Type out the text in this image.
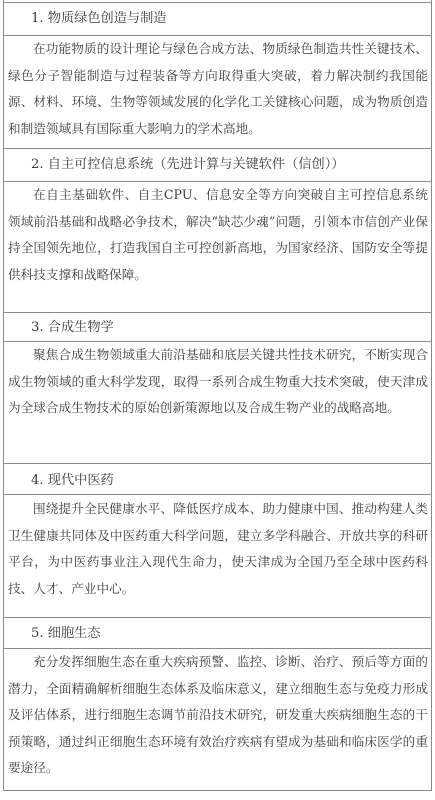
1. 物质绿色创造与制造
在功能物质的设计理论与绿色合成方法、物质绿色制造共性关键技术、绿色分子智能制造与过程装备等方向取得重大突破，着力解决制约我国能源、材料、环境、生物等领域发展的化学化工关键核心问题，成为物质创造和制造领域具有国际重大影响力的学术高地。
2. 自主可控信息系统（先进计算与关键软件（信创））
在自主基础软件、自主CPU、信息安全等方向突破自主可控信息系统领域前沿基础和战略必争技术，解决“缺芯少魂”问题，引领本市信创产业保持全国领先地位，打造我国自主可控创新高地，为国家经济、国防安全等提供科技支撑和战略保障。
3. 合成生物学
聚焦合成生物领域重大前沿基础和底层关键共性技术研究，不断实现合成生物领域的重大科学发现，取得一系列合成生物重大技术突破，使天津成为全球合成生物技术的原始创新策源地以及合成生物产业的战略高地。
4. 现代中医药
围绕提升全民健康水平、降低医疗成本、助力健康中国、推动构建人类卫生健康共同体及中医药重大科学问题，建立多学科融合、开放共享的科研平台，为中医药事业注入现代生命力，使天津成为全国乃至全球中医药科技、人才、产业中心。
5. 细胞生态
充分发挥细胞生态在重大疾病预警、监控、诊断、治疗、预后等方面的潜力，全面精确解析细胞生态体系及临床意义，建立细胞生态与免疫力形成及评估体系，进行细胞生态调节前沿技术研究，研发重大疾病细胞生态的干预策略，通过纠正细胞生态环境有效治疗疾病有望成为基础和临床医学的重要途径。
